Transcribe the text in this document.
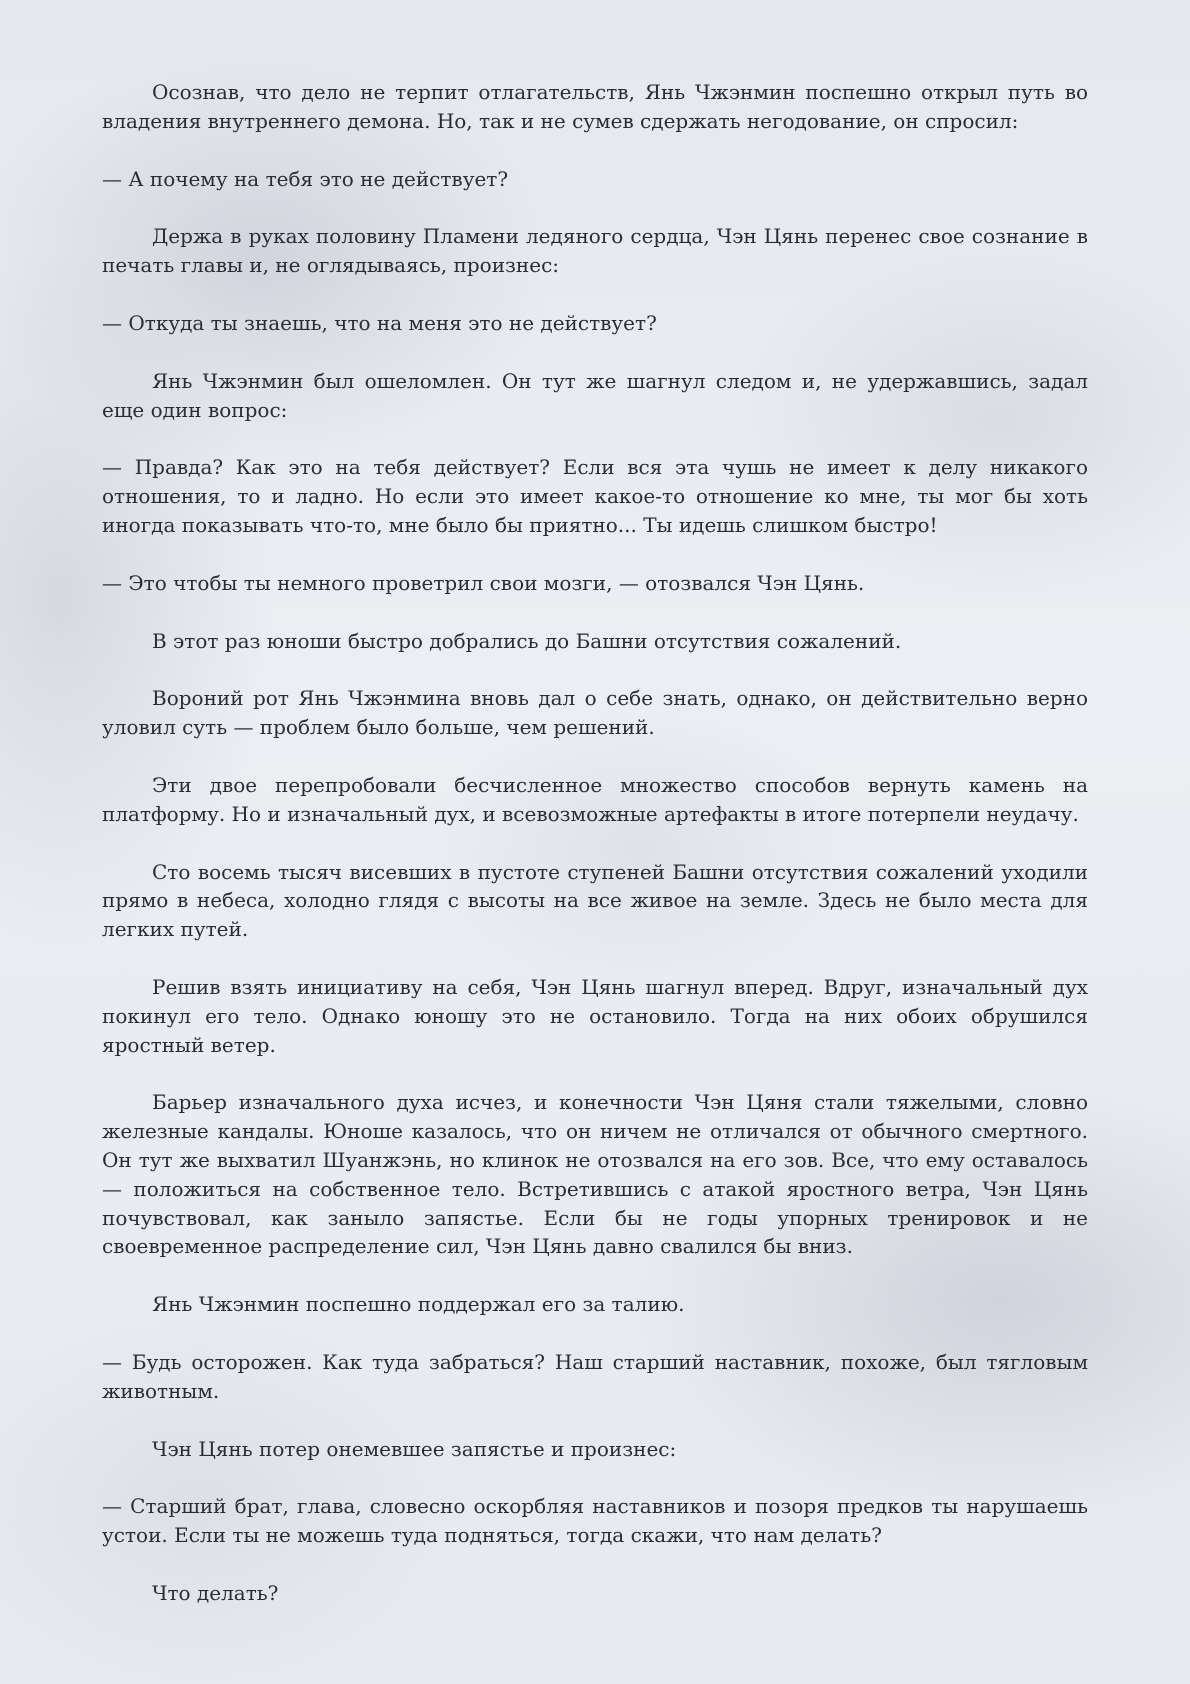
Осознав, что дело не терпит отлагательств, Янь Чжэнмин поспешно открыл путь во владения внутреннего демона. Но, так и не сумев сдержать негодование, он спросил:

— А почему на тебя это не действует?

Держа в руках половину Пламени ледяного сердца, Чэн Цянь перенес свое сознание в печать главы и, не оглядываясь, произнес:

— Откуда ты знаешь, что на меня это не действует?

Янь Чжэнмин был ошеломлен. Он тут же шагнул следом и, не удержавшись, задал еще один вопрос:

— Правда? Как это на тебя действует? Если вся эта чушь не имеет к делу никакого отношения, то и ладно. Но если это имеет какое-то отношение ко мне, ты мог бы хоть иногда показывать что-то, мне было бы приятно... Ты идешь слишком быстро!

— Это чтобы ты немного проветрил свои мозги, — отозвался Чэн Цянь.

В этот раз юноши быстро добрались до Башни отсутствия сожалений.

Вороний рот Янь Чжэнмина вновь дал о себе знать, однако, он действительно верно уловил суть — проблем было больше, чем решений.

Эти двое перепробовали бесчисленное множество способов вернуть камень на платформу. Но и изначальный дух, и всевозможные артефакты в итоге потерпели неудачу.

Сто восемь тысяч висевших в пустоте ступеней Башни отсутствия сожалений уходили прямо в небеса, холодно глядя с высоты на все живое на земле. Здесь не было места для легких путей.

Решив взять инициативу на себя, Чэн Цянь шагнул вперед. Вдруг, изначальный дух покинул его тело. Однако юношу это не остановило. Тогда на них обоих обрушился яростный ветер.

Барьер изначального духа исчез, и конечности Чэн Цяня стали тяжелыми, словно железные кандалы. Юноше казалось, что он ничем не отличался от обычного смертного. Он тут же выхватил Шуанжэнь, но клинок не отозвался на его зов. Все, что ему оставалось — положиться на собственное тело. Встретившись с атакой яростного ветра, Чэн Цянь почувствовал, как заныло запястье. Если бы не годы упорных тренировок и не своевременное распределение сил, Чэн Цянь давно свалился бы вниз.

Янь Чжэнмин поспешно поддержал его за талию.

— Будь осторожен. Как туда забраться? Наш старший наставник, похоже, был тягловым животным.

Чэн Цянь потер онемевшее запястье и произнес:

— Старший брат, глава, словесно оскорбляя наставников и позоря предков ты нарушаешь устои. Если ты не можешь туда подняться, тогда скажи, что нам делать?

Что делать?
